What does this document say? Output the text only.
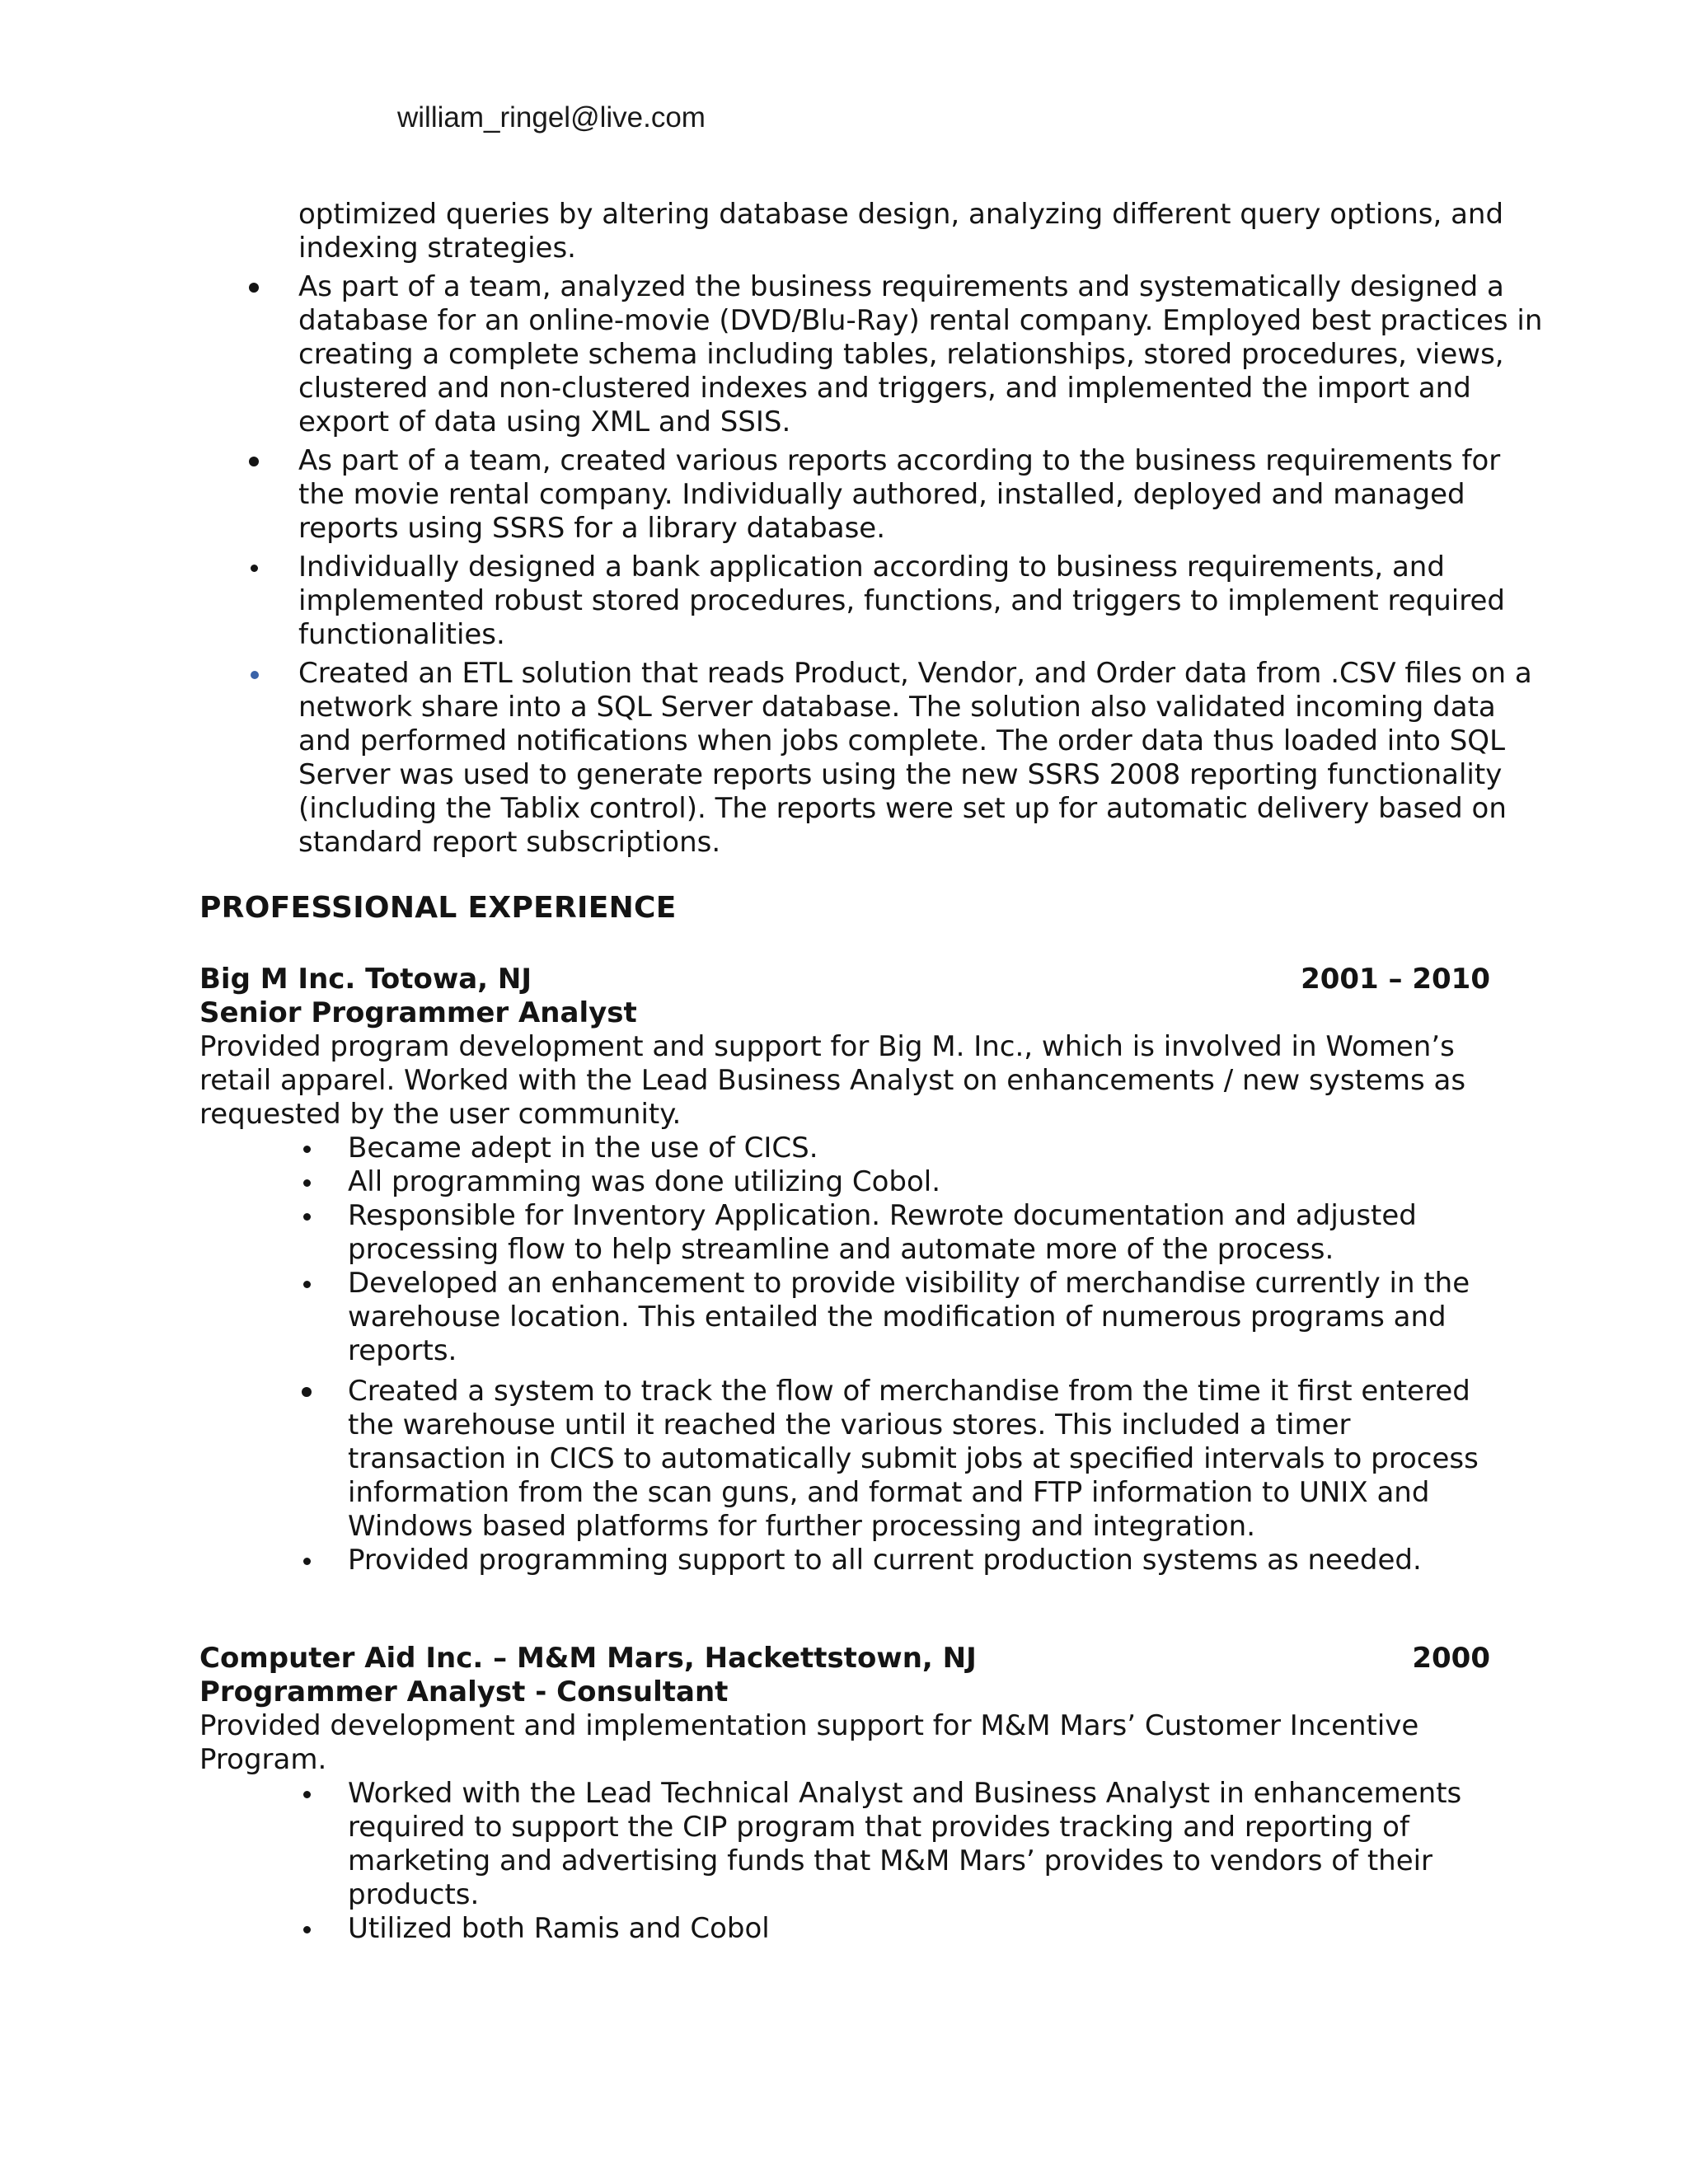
william_ringel@live.com
optimized queries by altering database design, analyzing different query options, and indexing strategies.
As part of a team, analyzed the business requirements and systematically designed a database for an online-movie (DVD/Blu-Ray) rental company. Employed best practices in creating a complete schema including tables, relationships, stored procedures, views, clustered and non-clustered indexes and triggers, and implemented the import and export of data using XML and SSIS.
As part of a team, created various reports according to the business requirements for the movie rental company. Individually authored, installed, deployed and managed reports using SSRS for a library database.
Individually designed a bank application according to business requirements, and implemented robust stored procedures, functions, and triggers to implement required functionalities.
Created an ETL solution that reads Product, Vendor, and Order data from .CSV files on a network share into a SQL Server database. The solution also validated incoming data and performed notifications when jobs complete. The order data thus loaded into SQL Server was used to generate reports using the new SSRS 2008 reporting functionality (including the Tablix control). The reports were set up for automatic delivery based on standard report subscriptions.
PROFESSIONAL EXPERIENCE
Big M Inc. Totowa, NJ	2001 – 2010
Senior Programmer Analyst

Provided program development and support for Big M. Inc., which is involved in Women’s retail apparel. Worked with the Lead Business Analyst on enhancements / new systems as requested by the user community.

Became adept in the use of CICS.
All programming was done utilizing Cobol.
Responsible for Inventory Application. Rewrote documentation and adjusted processing flow to help streamline and automate more of the process.
Developed an enhancement to provide visibility of merchandise currently in the warehouse location. This entailed the modification of numerous programs and reports.
Created a system to track the flow of merchandise from the time it first entered the warehouse until it reached the various stores. This included a timer transaction in CICS to automatically submit jobs at specified intervals to process information from the scan guns, and format and FTP information to UNIX and Windows based platforms for further processing and integration.
Provided programming support to all current production systems as needed.
Computer Aid Inc. – M&M Mars, Hackettstown, NJ	2000
Programmer Analyst - Consultant

Provided development and implementation support for M&M Mars’ Customer Incentive Program.

Worked with the Lead Technical Analyst and Business Analyst in enhancements required to support the CIP program that provides tracking and reporting of marketing and advertising funds that M&M Mars’ provides to vendors of their products.
Utilized both Ramis and Cobol
